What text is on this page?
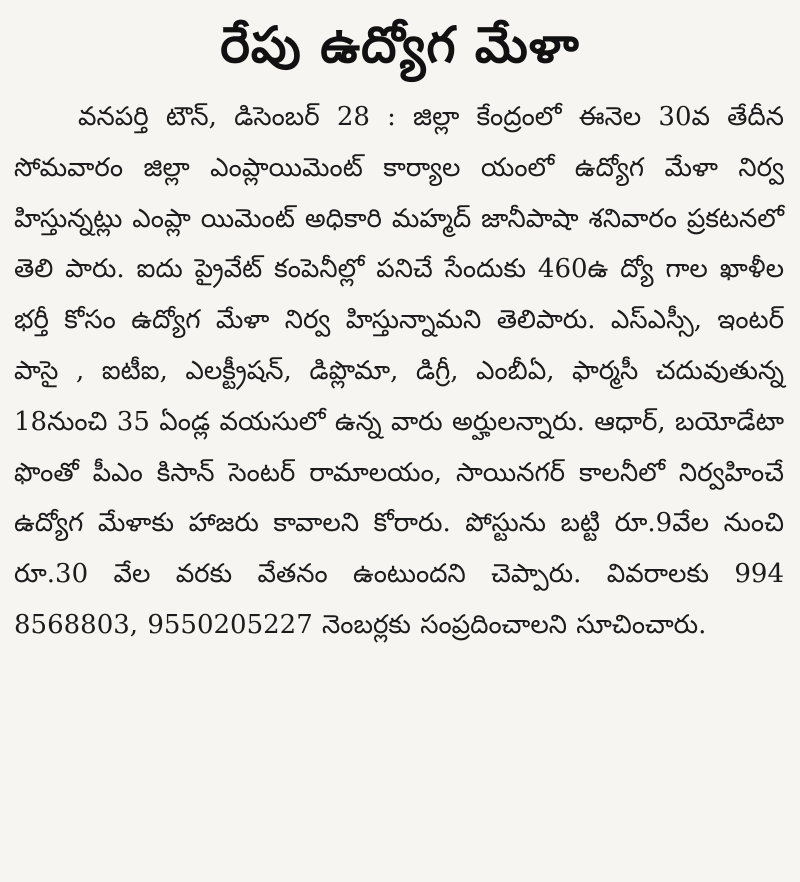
రేపు ఉద్యోగ మేళా

వనపర్తి టౌన్, డిసెంబర్ 28 : జిల్లా కేంద్రంలో ఈనెల 30వ తేదీన సోమవారం జిల్లా ఎంప్లాయిమెంట్ కార్యాల యంలో ఉద్యోగ మేళా నిర్వ హిస్తున్నట్లు ఎంప్లా యిమెంట్ అధికారి మహ్మద్ జానీపాషా శనివారం ప్రకటనలో తెలి పారు. ఐదు ప్రైవేట్ కంపెనీల్లో పనిచే సేందుకు 460ఉ ద్యో గాల ఖాళీల భర్తీ కోసం ఉద్యోగ మేళా నిర్వ హిస్తున్నామని తెలిపారు. ఎస్ఎస్సీ, ఇంటర్ పాసై , ఐటీఐ, ఎలక్ట్రీషన్, డిప్లొమా, డిగ్రీ, ఎంబీఏ, ఫార్మసీ చదువుతున్న 18నుంచి 35 ఏండ్ల వయసులో ఉన్న వారు అర్హులన్నారు. ఆధార్, బయోడేటా ఫొంతో పీఎం కిసాన్ సెంటర్ రామాలయం, సాయినగర్ కాలనీలో నిర్వహించే ఉద్యోగ మేళాకు హాజరు కావాలని కోరారు. పోస్టును బట్టి రూ.9వేల నుంచి రూ.30 వేల వరకు వేతనం ఉంటుందని చెప్పారు. వివరాలకు 994 8568803, 9550205227 నెంబర్లకు సంప్రదించాలని సూచించారు.
